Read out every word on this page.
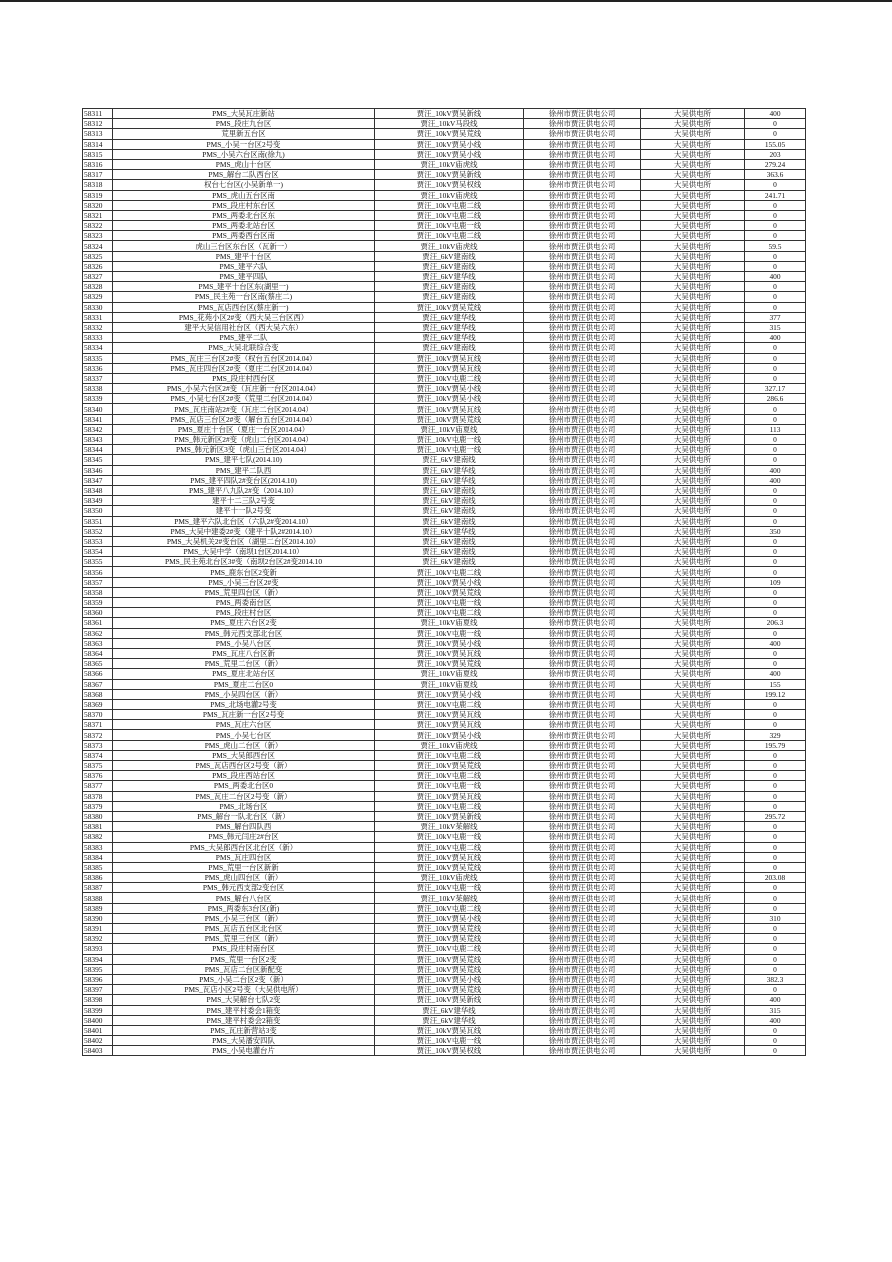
58311	PMS_大吴瓦庄新站	贾汪_10kV贾吴新线	徐州市贾汪供电公司	大吴供电所	400
58312	PMS_段庄九台区	贾汪_10kV马段线	徐州市贾汪供电公司	大吴供电所	0
58313	荒里新五台区	贾汪_10kV贾吴荒线	徐州市贾汪供电公司	大吴供电所	0
58314	PMS_小吴一台区2号变	贾汪_10kV贾吴小线	徐州市贾汪供电公司	大吴供电所	155.05
58315	PMS_小吴六台区南(徐九)	贾汪_10kV贾吴小线	徐州市贾汪供电公司	大吴供电所	203
58316	PMS_虎山十台区	贾汪_10kV庙虎线	徐州市贾汪供电公司	大吴供电所	279.24
58317	PMS_解台二队西台区	贾汪_10kV贾吴新线	徐州市贾汪供电公司	大吴供电所	363.6
58318	权台七台区(小吴新单一)	贾汪_10kV贾吴权线	徐州市贾汪供电公司	大吴供电所	0
58319	PMS_虎山五台区南	贾汪_10kV庙虎线	徐州市贾汪供电公司	大吴供电所	241.71
58320	PMS_段庄村东台区	贾汪_10kV屯鹿二线	徐州市贾汪供电公司	大吴供电所	0
58321	PMS_两委北台区东	贾汪_10kV屯鹿二线	徐州市贾汪供电公司	大吴供电所	0
58322	PMS_两委北站台区	贾汪_10kV屯鹿一线	徐州市贾汪供电公司	大吴供电所	0
58323	PMS_两委西台区南	贾汪_10kV屯鹿二线	徐州市贾汪供电公司	大吴供电所	0
58324	虎山三台区东台区（瓦新一）	贾汪_10kV庙虎线	徐州市贾汪供电公司	大吴供电所	59.5
58325	PMS_建平十台区	贾汪_6kV建南线	徐州市贾汪供电公司	大吴供电所	0
58326	PMS_建平六队	贾汪_6kV建南线	徐州市贾汪供电公司	大吴供电所	0
58327	PMS_建平四队	贾汪_6kV建华线	徐州市贾汪供电公司	大吴供电所	400
58328	PMS_建平十台区东(湖里一)	贾汪_6kV建南线	徐州市贾汪供电公司	大吴供电所	0
58329	PMS_民主苑一台区南(蔡庄二)	贾汪_6kV建南线	徐州市贾汪供电公司	大吴供电所	0
58330	PMS_瓦店西台区(蔡庄新一)	贾汪_10kV贾吴荒线	徐州市贾汪供电公司	大吴供电所	0
58331	PMS_花苑小区2#变（西大吴三台区西）	贾汪_6kV建华线	徐州市贾汪供电公司	大吴供电所	377
58332	建平大吴信用社台区（西大吴六东）	贾汪_6kV建华线	徐州市贾汪供电公司	大吴供电所	315
58333	PMS_建平二队	贾汪_6kV建华线	徐州市贾汪供电公司	大吴供电所	400
58334	PMS_大吴北联综合变	贾汪_6kV建南线	徐州市贾汪供电公司	大吴供电所	0
58335	PMS_瓦庄三台区2#变（权台五台区2014.04）	贾汪_10kV贾吴瓦线	徐州市贾汪供电公司	大吴供电所	0
58336	PMS_瓦庄四台区2#变（夏庄二台区2014.04）	贾汪_10kV贾吴瓦线	徐州市贾汪供电公司	大吴供电所	0
58337	PMS_段庄村西台区	贾汪_10kV屯鹿二线	徐州市贾汪供电公司	大吴供电所	0
58338	PMS_小吴六台区2#变（瓦庄新一台区2014.04）	贾汪_10kV贾吴小线	徐州市贾汪供电公司	大吴供电所	327.17
58339	PMS_小吴七台区2#变（荒里二台区2014.04）	贾汪_10kV贾吴小线	徐州市贾汪供电公司	大吴供电所	286.6
58340	PMS_瓦庄南站2#变（瓦庄二台区2014.04）	贾汪_10kV贾吴瓦线	徐州市贾汪供电公司	大吴供电所	0
58341	PMS_瓦店三台区2#变（解台五台区2014.04）	贾汪_10kV贾吴荒线	徐州市贾汪供电公司	大吴供电所	0
58342	PMS_夏庄十台区（夏庄一台区2014.04）	贾汪_10kV庙夏线	徐州市贾汪供电公司	大吴供电所	113
58343	PMS_韩元新区2#变（虎山二台区2014.04）	贾汪_10kV屯鹿一线	徐州市贾汪供电公司	大吴供电所	0
58344	PMS_韩元新区3变（虎山三台区2014.04）	贾汪_10kV屯鹿一线	徐州市贾汪供电公司	大吴供电所	0
58345	PMS_建平七队(2014.10)	贾汪_6kV建南线	徐州市贾汪供电公司	大吴供电所	0
58346	PMS_建平二队西	贾汪_6kV建华线	徐州市贾汪供电公司	大吴供电所	400
58347	PMS_建平四队2#变台区(2014.10)	贾汪_6kV建华线	徐州市贾汪供电公司	大吴供电所	400
58348	PMS_建平八九队2#变（2014.10）	贾汪_6kV建南线	徐州市贾汪供电公司	大吴供电所	0
58349	建平十二三队2号变	贾汪_6kV建南线	徐州市贾汪供电公司	大吴供电所	0
58350	建平十一队2号变	贾汪_6kV建南线	徐州市贾汪供电公司	大吴供电所	0
58351	PMS_建平六队北台区（六队2#变2014.10）	贾汪_6kV建南线	徐州市贾汪供电公司	大吴供电所	0
58352	PMS_大吴中建委2#变（建平十队2#2014.10）	贾汪_6kV建华线	徐州市贾汪供电公司	大吴供电所	350
58353	PMS_大吴机关2#变台区（湖里二台区2014.10）	贾汪_6kV建南线	徐州市贾汪供电公司	大吴供电所	0
58354	PMS_大吴中学（南坝1台区2014.10）	贾汪_6kV建南线	徐州市贾汪供电公司	大吴供电所	0
58355	PMS_民主苑北台区3#变（南坝2台区2#变2014.10	贾汪_6kV建南线	徐州市贾汪供电公司	大吴供电所	0
58356	PMS_鹿东台区2变新	贾汪_10kV屯鹿二线	徐州市贾汪供电公司	大吴供电所	0
58357	PMS_小吴三台区2#变	贾汪_10kV贾吴小线	徐州市贾汪供电公司	大吴供电所	109
58358	PMS_荒里四台区（新）	贾汪_10kV贾吴荒线	徐州市贾汪供电公司	大吴供电所	0
58359	PMS_两委南台区	贾汪_10kV屯鹿一线	徐州市贾汪供电公司	大吴供电所	0
58360	PMS_段庄村台区	贾汪_10kV屯鹿二线	徐州市贾汪供电公司	大吴供电所	0
58361	PMS_夏庄六台区2变	贾汪_10kV庙夏线	徐州市贾汪供电公司	大吴供电所	206.3
58362	PMS_韩元西支部北台区	贾汪_10kV屯鹿一线	徐州市贾汪供电公司	大吴供电所	0
58363	PMS_小吴八台区	贾汪_10kV贾吴小线	徐州市贾汪供电公司	大吴供电所	400
58364	PMS_瓦庄八台区新	贾汪_10kV贾吴瓦线	徐州市贾汪供电公司	大吴供电所	0
58365	PMS_荒里二台区（新）	贾汪_10kV贾吴荒线	徐州市贾汪供电公司	大吴供电所	0
58366	PMS_夏庄北站台区	贾汪_10kV庙夏线	徐州市贾汪供电公司	大吴供电所	400
58367	PMS_夏庄二台区0	贾汪_10kV庙夏线	徐州市贾汪供电公司	大吴供电所	155
58368	PMS_小吴四台区（新）	贾汪_10kV贾吴小线	徐州市贾汪供电公司	大吴供电所	199.12
58369	PMS_北场电灌2号变	贾汪_10kV屯鹿二线	徐州市贾汪供电公司	大吴供电所	0
58370	PMS_瓦庄新一台区2号变	贾汪_10kV贾吴瓦线	徐州市贾汪供电公司	大吴供电所	0
58371	PMS_瓦庄六台区	贾汪_10kV贾吴瓦线	徐州市贾汪供电公司	大吴供电所	0
58372	PMS_小吴七台区	贾汪_10kV贾吴小线	徐州市贾汪供电公司	大吴供电所	329
58373	PMS_虎山二台区（新）	贾汪_10kV庙虎线	徐州市贾汪供电公司	大吴供电所	195.79
58374	PMS_大吴郎西台区	贾汪_10kV屯鹿二线	徐州市贾汪供电公司	大吴供电所	0
58375	PMS_瓦店西台区2号变（新）	贾汪_10kV贾吴荒线	徐州市贾汪供电公司	大吴供电所	0
58376	PMS_段庄西站台区	贾汪_10kV屯鹿二线	徐州市贾汪供电公司	大吴供电所	0
58377	PMS_两委北台区0	贾汪_10kV屯鹿一线	徐州市贾汪供电公司	大吴供电所	0
58378	PMS_瓦庄二台区2号变（新）	贾汪_10kV贾吴瓦线	徐州市贾汪供电公司	大吴供电所	0
58379	PMS_北场台区	贾汪_10kV屯鹿二线	徐州市贾汪供电公司	大吴供电所	0
58380	PMS_解台一队北台区（新）	贾汪_10kV贾吴新线	徐州市贾汪供电公司	大吴供电所	295.72
58381	PMS_解台四队西	贾汪_10kV茱解线	徐州市贾汪供电公司	大吴供电所	0
58382	PMS_韩元闫庄2#台区	贾汪_10kV屯鹿一线	徐州市贾汪供电公司	大吴供电所	0
58383	PMS_大吴郎西台区北台区（新）	贾汪_10kV屯鹿二线	徐州市贾汪供电公司	大吴供电所	0
58384	PMS_瓦庄四台区	贾汪_10kV贾吴瓦线	徐州市贾汪供电公司	大吴供电所	0
58385	PMS_荒里一台区新新	贾汪_10kV贾吴荒线	徐州市贾汪供电公司	大吴供电所	0
58386	PMS_虎山四台区（新）	贾汪_10kV庙虎线	徐州市贾汪供电公司	大吴供电所	203.08
58387	PMS_韩元西支部2变台区	贾汪_10kV屯鹿一线	徐州市贾汪供电公司	大吴供电所	0
58388	PMS_解台八台区	贾汪_10kV茱解线	徐州市贾汪供电公司	大吴供电所	0
58389	PMS_两委东3台区(新)	贾汪_10kV屯鹿二线	徐州市贾汪供电公司	大吴供电所	0
58390	PMS_小吴三台区（新）	贾汪_10kV贾吴小线	徐州市贾汪供电公司	大吴供电所	310
58391	PMS_瓦店五台区北台区	贾汪_10kV贾吴荒线	徐州市贾汪供电公司	大吴供电所	0
58392	PMS_荒里三台区（新）	贾汪_10kV贾吴荒线	徐州市贾汪供电公司	大吴供电所	0
58393	PMS_段庄村南台区	贾汪_10kV屯鹿二线	徐州市贾汪供电公司	大吴供电所	0
58394	PMS_荒里一台区2变	贾汪_10kV贾吴荒线	徐州市贾汪供电公司	大吴供电所	0
58395	PMS_瓦店二台区新配变	贾汪_10kV贾吴荒线	徐州市贾汪供电公司	大吴供电所	0
58396	PMS_小吴二台区2变（新）	贾汪_10kV贾吴小线	徐州市贾汪供电公司	大吴供电所	382.3
58397	PMS_瓦店小区2号变（大吴供电所）	贾汪_10kV贾吴荒线	徐州市贾汪供电公司	大吴供电所	0
58398	PMS_大吴解台七队2变	贾汪_10kV贾吴新线	徐州市贾汪供电公司	大吴供电所	400
58399	PMS_建平村委会1箱变	贾汪_6kV建华线	徐州市贾汪供电公司	大吴供电所	315
58400	PMS_建平村委会2箱变	贾汪_6kV建华线	徐州市贾汪供电公司	大吴供电所	400
58401	PMS_瓦庄新营站3变	贾汪_10kV贾吴瓦线	徐州市贾汪供电公司	大吴供电所	0
58402	PMS_大吴潘安四队	贾汪_10kV屯鹿一线	徐州市贾汪供电公司	大吴供电所	0
58403	PMS_小吴电灌台片	贾汪_10kV贾吴权线	徐州市贾汪供电公司	大吴供电所	0
